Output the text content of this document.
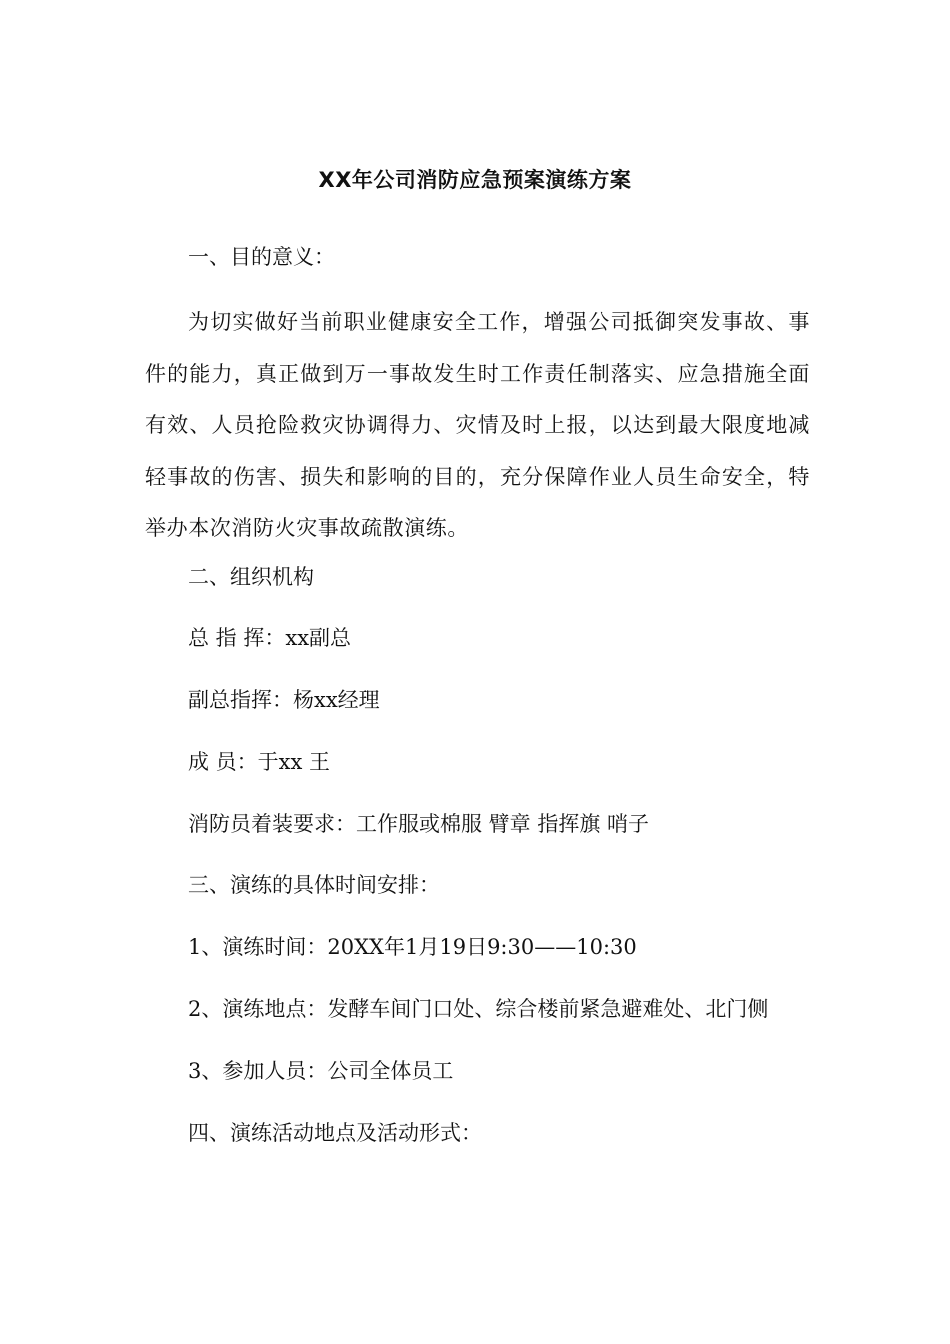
XX年公司消防应急预案演练方案

一、目的意义：

为切实做好当前职业健康安全工作，增强公司抵御突发事故、事件的能力，真正做到万一事故发生时工作责任制落实、应急措施全面有效、人员抢险救灾协调得力、灾情及时上报，以达到最大限度地减轻事故的伤害、损失和影响的目的，充分保障作业人员生命安全，特举办本次消防火灾事故疏散演练。

二、组织机构

总 指 挥：xx副总

副总指挥：杨xx经理

成 员：于xx 王

消防员着装要求：工作服或棉服 臂章 指挥旗 哨子

三、演练的具体时间安排：

1、演练时间：20XX年1月19日9:30——10:30

2、演练地点：发酵车间门口处、综合楼前紧急避难处、北门侧

3、参加人员：公司全体员工

四、演练活动地点及活动形式：
